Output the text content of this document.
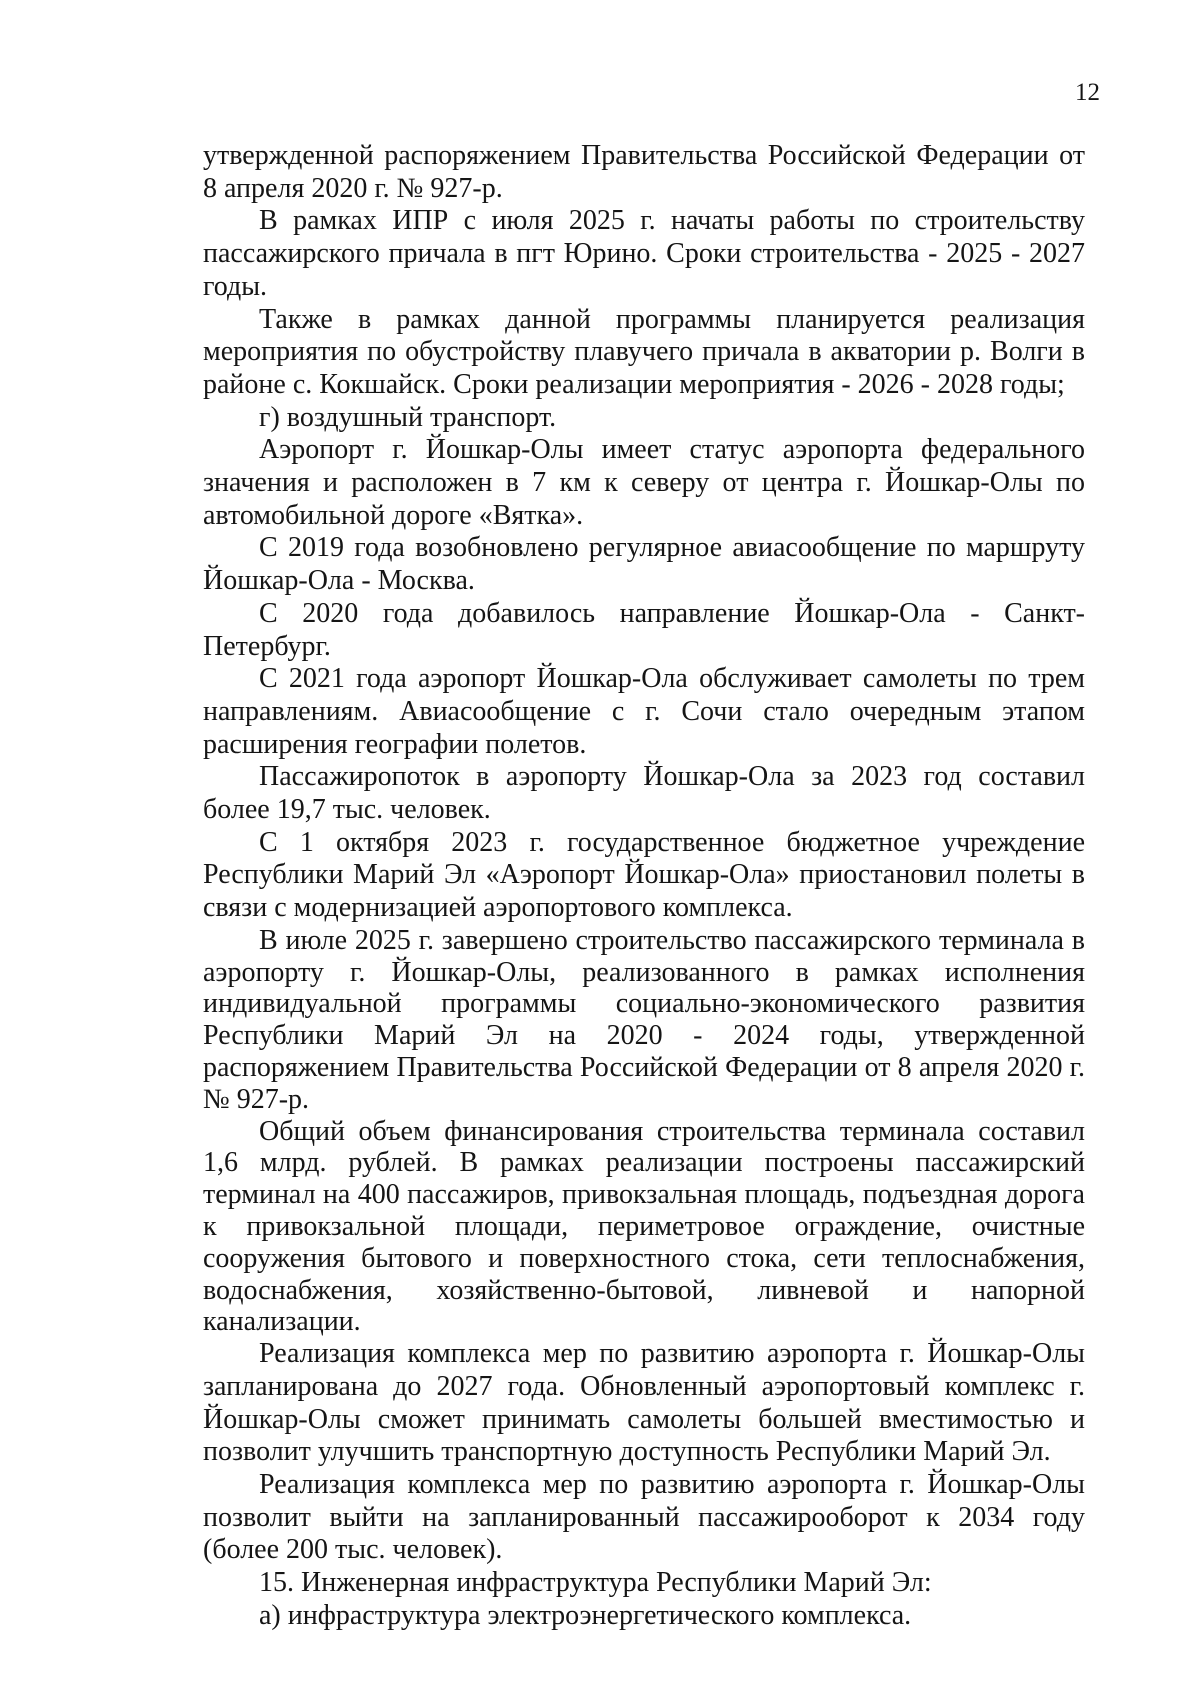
12

утвержденной распоряжением Правительства Российской Федерации от 8 апреля 2020 г. № 927-р.

В рамках ИПР с июля 2025 г. начаты работы по строительству пассажирского причала в пгт Юрино. Сроки строительства - 2025 - 2027 годы.

Также в рамках данной программы планируется реализация мероприятия по обустройству плавучего причала в акватории р. Волги в районе с. Кокшайск. Сроки реализации мероприятия - 2026 - 2028 годы;

г) воздушный транспорт.

Аэропорт г. Йошкар-Олы имеет статус аэропорта федерального значения и расположен в 7 км к северу от центра г. Йошкар-Олы по автомобильной дороге «Вятка».

С 2019 года возобновлено регулярное авиасообщение по маршруту Йошкар-Ола - Москва.

С 2020 года добавилось направление Йошкар-Ола - Санкт-Петербург.

С 2021 года аэропорт Йошкар-Ола обслуживает самолеты по трем направлениям. Авиасообщение с г. Сочи стало очередным этапом расширения географии полетов.

Пассажиропоток в аэропорту Йошкар-Ола за 2023 год составил более 19,7 тыс. человек.

С 1 октября 2023 г. государственное бюджетное учреждение Республики Марий Эл «Аэропорт Йошкар-Ола» приостановил полеты в связи с модернизацией аэропортового комплекса.

В июле 2025 г. завершено строительство пассажирского терминала в аэропорту г. Йошкар-Олы, реализованного в рамках исполнения индивидуальной программы социально-экономического развития Республики Марий Эл на 2020 - 2024 годы, утвержденной распоряжением Правительства Российской Федерации от 8 апреля 2020 г. № 927-р.

Общий объем финансирования строительства терминала составил 1,6 млрд. рублей. В рамках реализации построены пассажирский терминал на 400 пассажиров, привокзальная площадь, подъездная дорога к привокзальной площади, периметровое ограждение, очистные сооружения бытового и поверхностного стока, сети теплоснабжения, водоснабжения, хозяйственно-бытовой, ливневой и напорной канализации.

Реализация комплекса мер по развитию аэропорта г. Йошкар-Олы запланирована до 2027 года. Обновленный аэропортовый комплекс г. Йошкар-Олы сможет принимать самолеты большей вместимостью и позволит улучшить транспортную доступность Республики Марий Эл.

Реализация комплекса мер по развитию аэропорта г. Йошкар-Олы позволит выйти на запланированный пассажирооборот к 2034 году (более 200 тыс. человек).

15. Инженерная инфраструктура Республики Марий Эл:

а) инфраструктура электроэнергетического комплекса.
